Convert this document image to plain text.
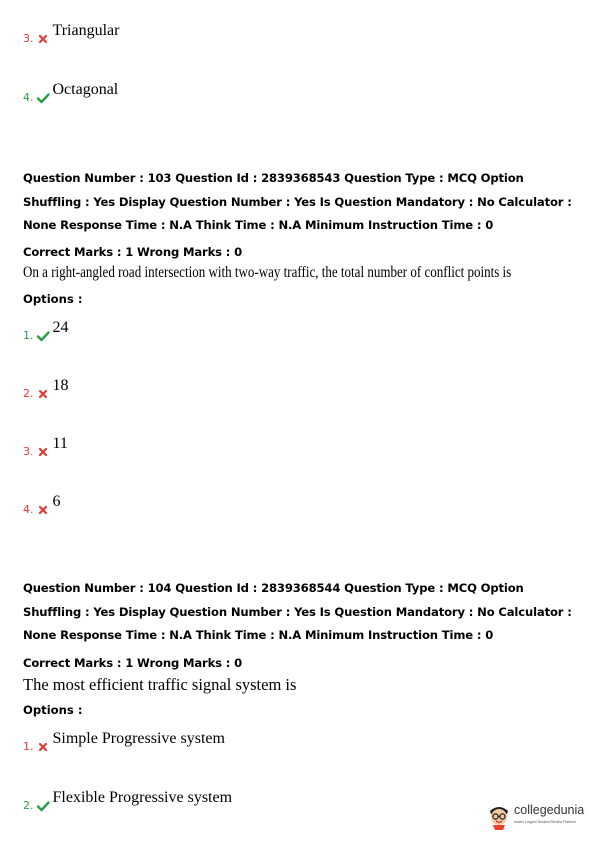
3. Triangular
4. Octagonal
Question Number : 103 Question Id : 2839368543 Question Type : MCQ Option Shuffling : Yes Display Question Number : Yes Is Question Mandatory : No Calculator : None Response Time : N.A Think Time : N.A Minimum Instruction Time : 0
Correct Marks : 1 Wrong Marks : 0
On a right-angled road intersection with two-way traffic, the total number of conflict points is
Options :
1. 24
2. 18
3. 11
4. 6
Question Number : 104 Question Id : 2839368544 Question Type : MCQ Option Shuffling : Yes Display Question Number : Yes Is Question Mandatory : No Calculator : None Response Time : N.A Think Time : N.A Minimum Instruction Time : 0
Correct Marks : 1 Wrong Marks : 0
The most efficient traffic signal system is
Options :
1. Simple Progressive system
2. Flexible Progressive system
collegedunia
India's Largest Student Review Platform
